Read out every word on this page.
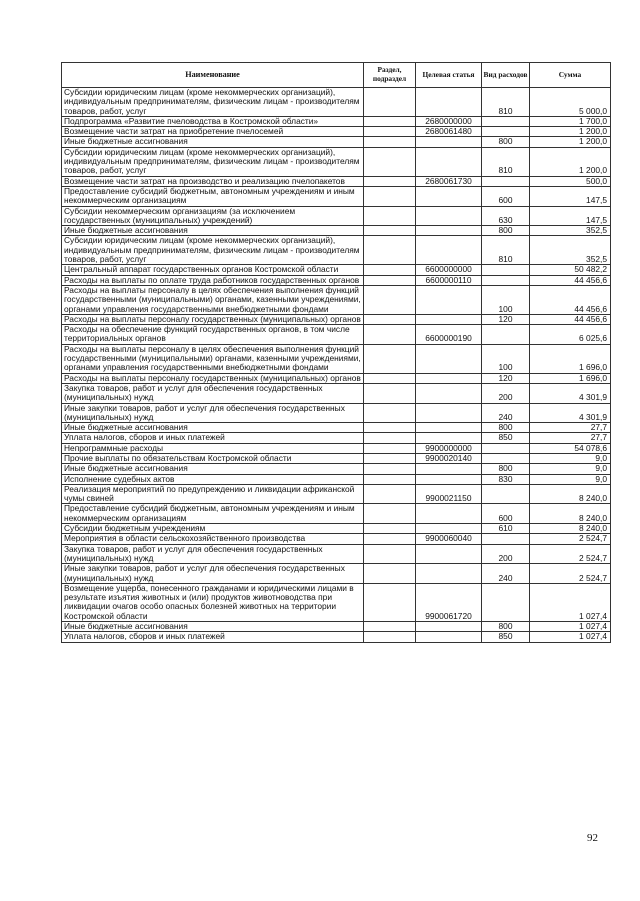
Наименование	Раздел, подраздел	Целевая статья	Вид расходов	Сумма
Субсидии юридическим лицам (кроме некоммерческих организаций), индивидуальным предпринимателям, физическим лицам - производителям товаров, работ, услуг			810	5 000,0
Подпрограмма «Развитие пчеловодства в Костромской области»		2680000000		1 700,0
Возмещение части затрат на приобретение пчелосемей		2680061480		1 200,0
Иные бюджетные ассигнования			800	1 200,0
Субсидии юридическим лицам (кроме некоммерческих организаций), индивидуальным предпринимателям, физическим лицам - производителям товаров, работ, услуг			810	1 200,0
Возмещение части затрат на производство и реализацию пчелопакетов		2680061730		500,0
Предоставление субсидий бюджетным, автономным учреждениям и иным некоммерческим организациям			600	147,5
Субсидии некоммерческим организациям (за исключением государственных (муниципальных) учреждений)			630	147,5
Иные бюджетные ассигнования			800	352,5
Субсидии юридическим лицам (кроме некоммерческих организаций), индивидуальным предпринимателям, физическим лицам - производителям товаров, работ, услуг			810	352,5
Центральный аппарат государственных органов Костромской области		6600000000		50 482,2
Расходы на выплаты по оплате труда работников государственных органов		6600000110		44 456,6
Расходы на выплаты персоналу в целях обеспечения выполнения функций государственными (муниципальными) органами, казенными учреждениями, органами управления государственными внебюджетными фондами			100	44 456,6
Расходы на выплаты персоналу государственных (муниципальных) органов			120	44 456,6
Расходы на обеспечение функций государственных органов, в том числе территориальных органов		6600000190		6 025,6
Расходы на выплаты персоналу в целях обеспечения выполнения функций государственными (муниципальными) органами, казенными учреждениями, органами управления государственными внебюджетными фондами			100	1 696,0
Расходы на выплаты персоналу государственных (муниципальных) органов			120	1 696,0
Закупка товаров, работ и услуг для обеспечения государственных (муниципальных) нужд			200	4 301,9
Иные закупки товаров, работ и услуг для обеспечения государственных (муниципальных) нужд			240	4 301,9
Иные бюджетные ассигнования			800	27,7
Уплата налогов, сборов и иных платежей			850	27,7
Непрограммные расходы		9900000000		54 078,6
Прочие выплаты по обязательствам Костромской области		9900020140		9,0
Иные бюджетные ассигнования			800	9,0
Исполнение судебных актов			830	9,0
Реализация мероприятий по предупреждению и ликвидации африканской чумы свиней		9900021150		8 240,0
Предоставление субсидий бюджетным, автономным учреждениям и иным некоммерческим организациям			600	8 240,0
Субсидии бюджетным учреждениям			610	8 240,0
Мероприятия в области сельскохозяйственного производства		9900060040		2 524,7
Закупка товаров, работ и услуг для обеспечения государственных (муниципальных) нужд			200	2 524,7
Иные закупки товаров, работ и услуг для обеспечения государственных (муниципальных) нужд			240	2 524,7
Возмещение ущерба, понесенного гражданами и юридическими лицами в результате изъятия животных и (или) продуктов животноводства при ликвидации очагов особо опасных болезней животных на территории Костромской области		9900061720		1 027,4
Иные бюджетные ассигнования			800	1 027,4
Уплата налогов, сборов и иных платежей			850	1 027,4
92
